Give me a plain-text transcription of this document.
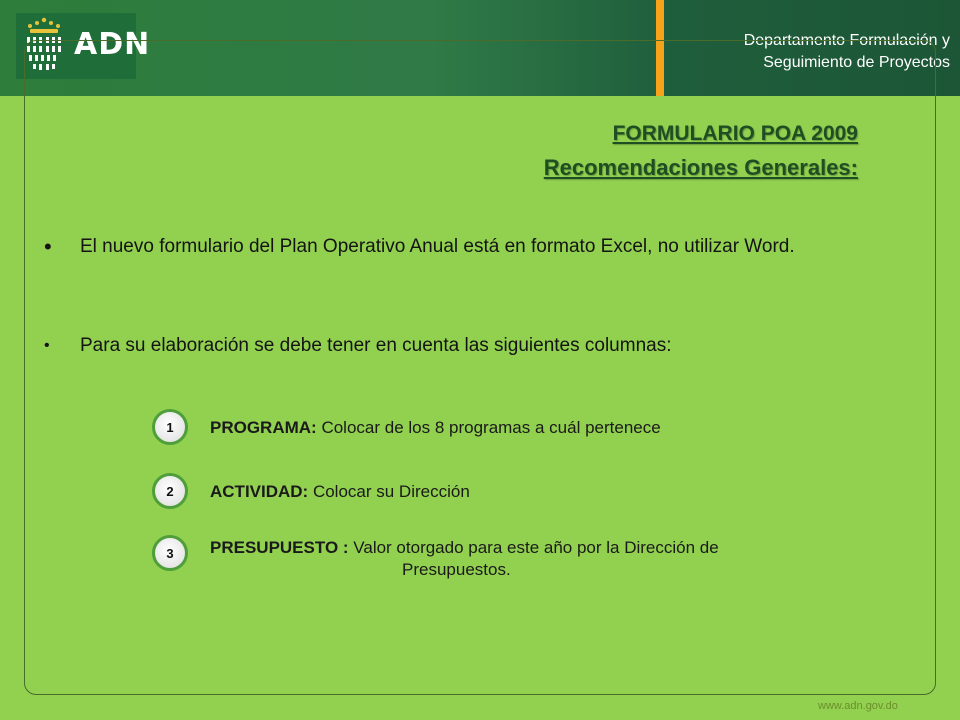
ADN	Departamento Formulación y
Seguimiento de Proyectos
FORMULARIO POA 2009
Recomendaciones Generales:
• El nuevo formulario del Plan Operativo Anual está en formato Excel, no utilizar Word.
• Para su elaboración se debe tener en cuenta las siguientes columnas:
1	PROGRAMA: Colocar de los 8 programas a cuál pertenece
2	ACTIVIDAD: Colocar su Dirección
3	PRESUPUESTO : Valor otorgado para este año por la Dirección de
Presupuestos.
www.adn.gov.do
